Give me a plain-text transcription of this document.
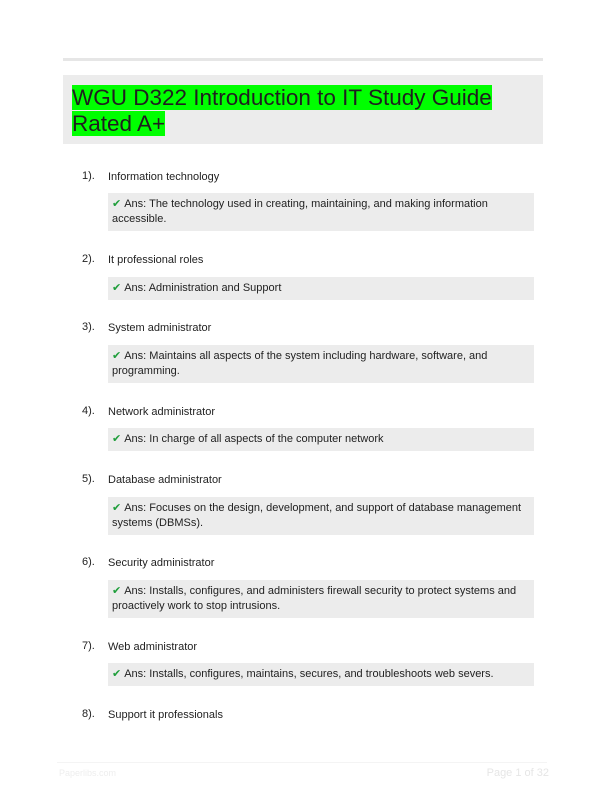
WGU D322 Introduction to IT Study Guide Rated A+
1). Information technology
✔ Ans: The technology used in creating, maintaining, and making information accessible.
2). It professional roles
✔ Ans: Administration and Support
3). System administrator
✔ Ans: Maintains all aspects of the system including hardware, software, and programming.
4). Network administrator
✔ Ans: In charge of all aspects of the computer network
5). Database administrator
✔ Ans: Focuses on the design, development, and support of database management systems (DBMSs).
6). Security administrator
✔ Ans: Installs, configures, and administers firewall security to protect systems and proactively work to stop intrusions.
7). Web administrator
✔ Ans: Installs, configures, maintains, secures, and troubleshoots web severs.
8). Support it professionals
Paperlibs.com	Page 1 of 32
